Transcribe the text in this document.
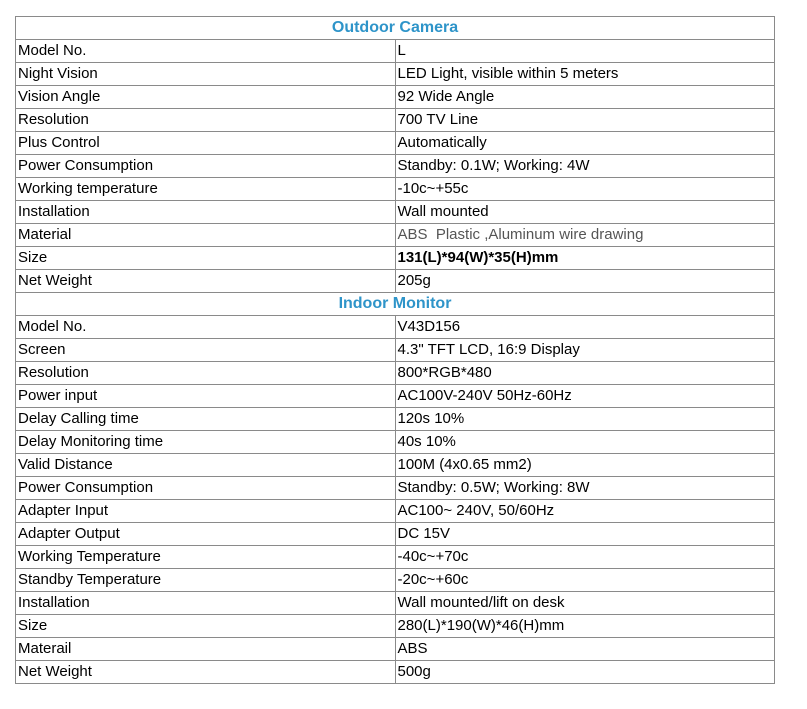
Outdoor Camera	
Model No.	L
Night Vision	LED Light, visible within 5 meters
Vision Angle	92 Wide Angle
Resolution	700 TV Line
Plus Control	Automatically
Power Consumption	Standby: 0.1W; Working: 4W
Working temperature	-10c~+55c
Installation	Wall mounted
Material	ABS  Plastic ,Aluminum wire drawing
Size	131(L)*94(W)*35(H)mm
Net Weight	205g
Indoor Monitor	
Model No.	V43D156
Screen	4.3" TFT LCD, 16:9 Display
Resolution	800*RGB*480
Power input	AC100V-240V 50Hz-60Hz
Delay Calling time	120s 10%
Delay Monitoring time	40s 10%
Valid Distance	100M (4x0.65 mm2)
Power Consumption	Standby: 0.5W; Working: 8W
Adapter Input	AC100~ 240V, 50/60Hz
Adapter Output	DC 15V
Working Temperature	-40c~+70c
Standby Temperature	-20c~+60c
Installation	Wall mounted/lift on desk
Size	280(L)*190(W)*46(H)mm
Materail	ABS
Net Weight	500g
